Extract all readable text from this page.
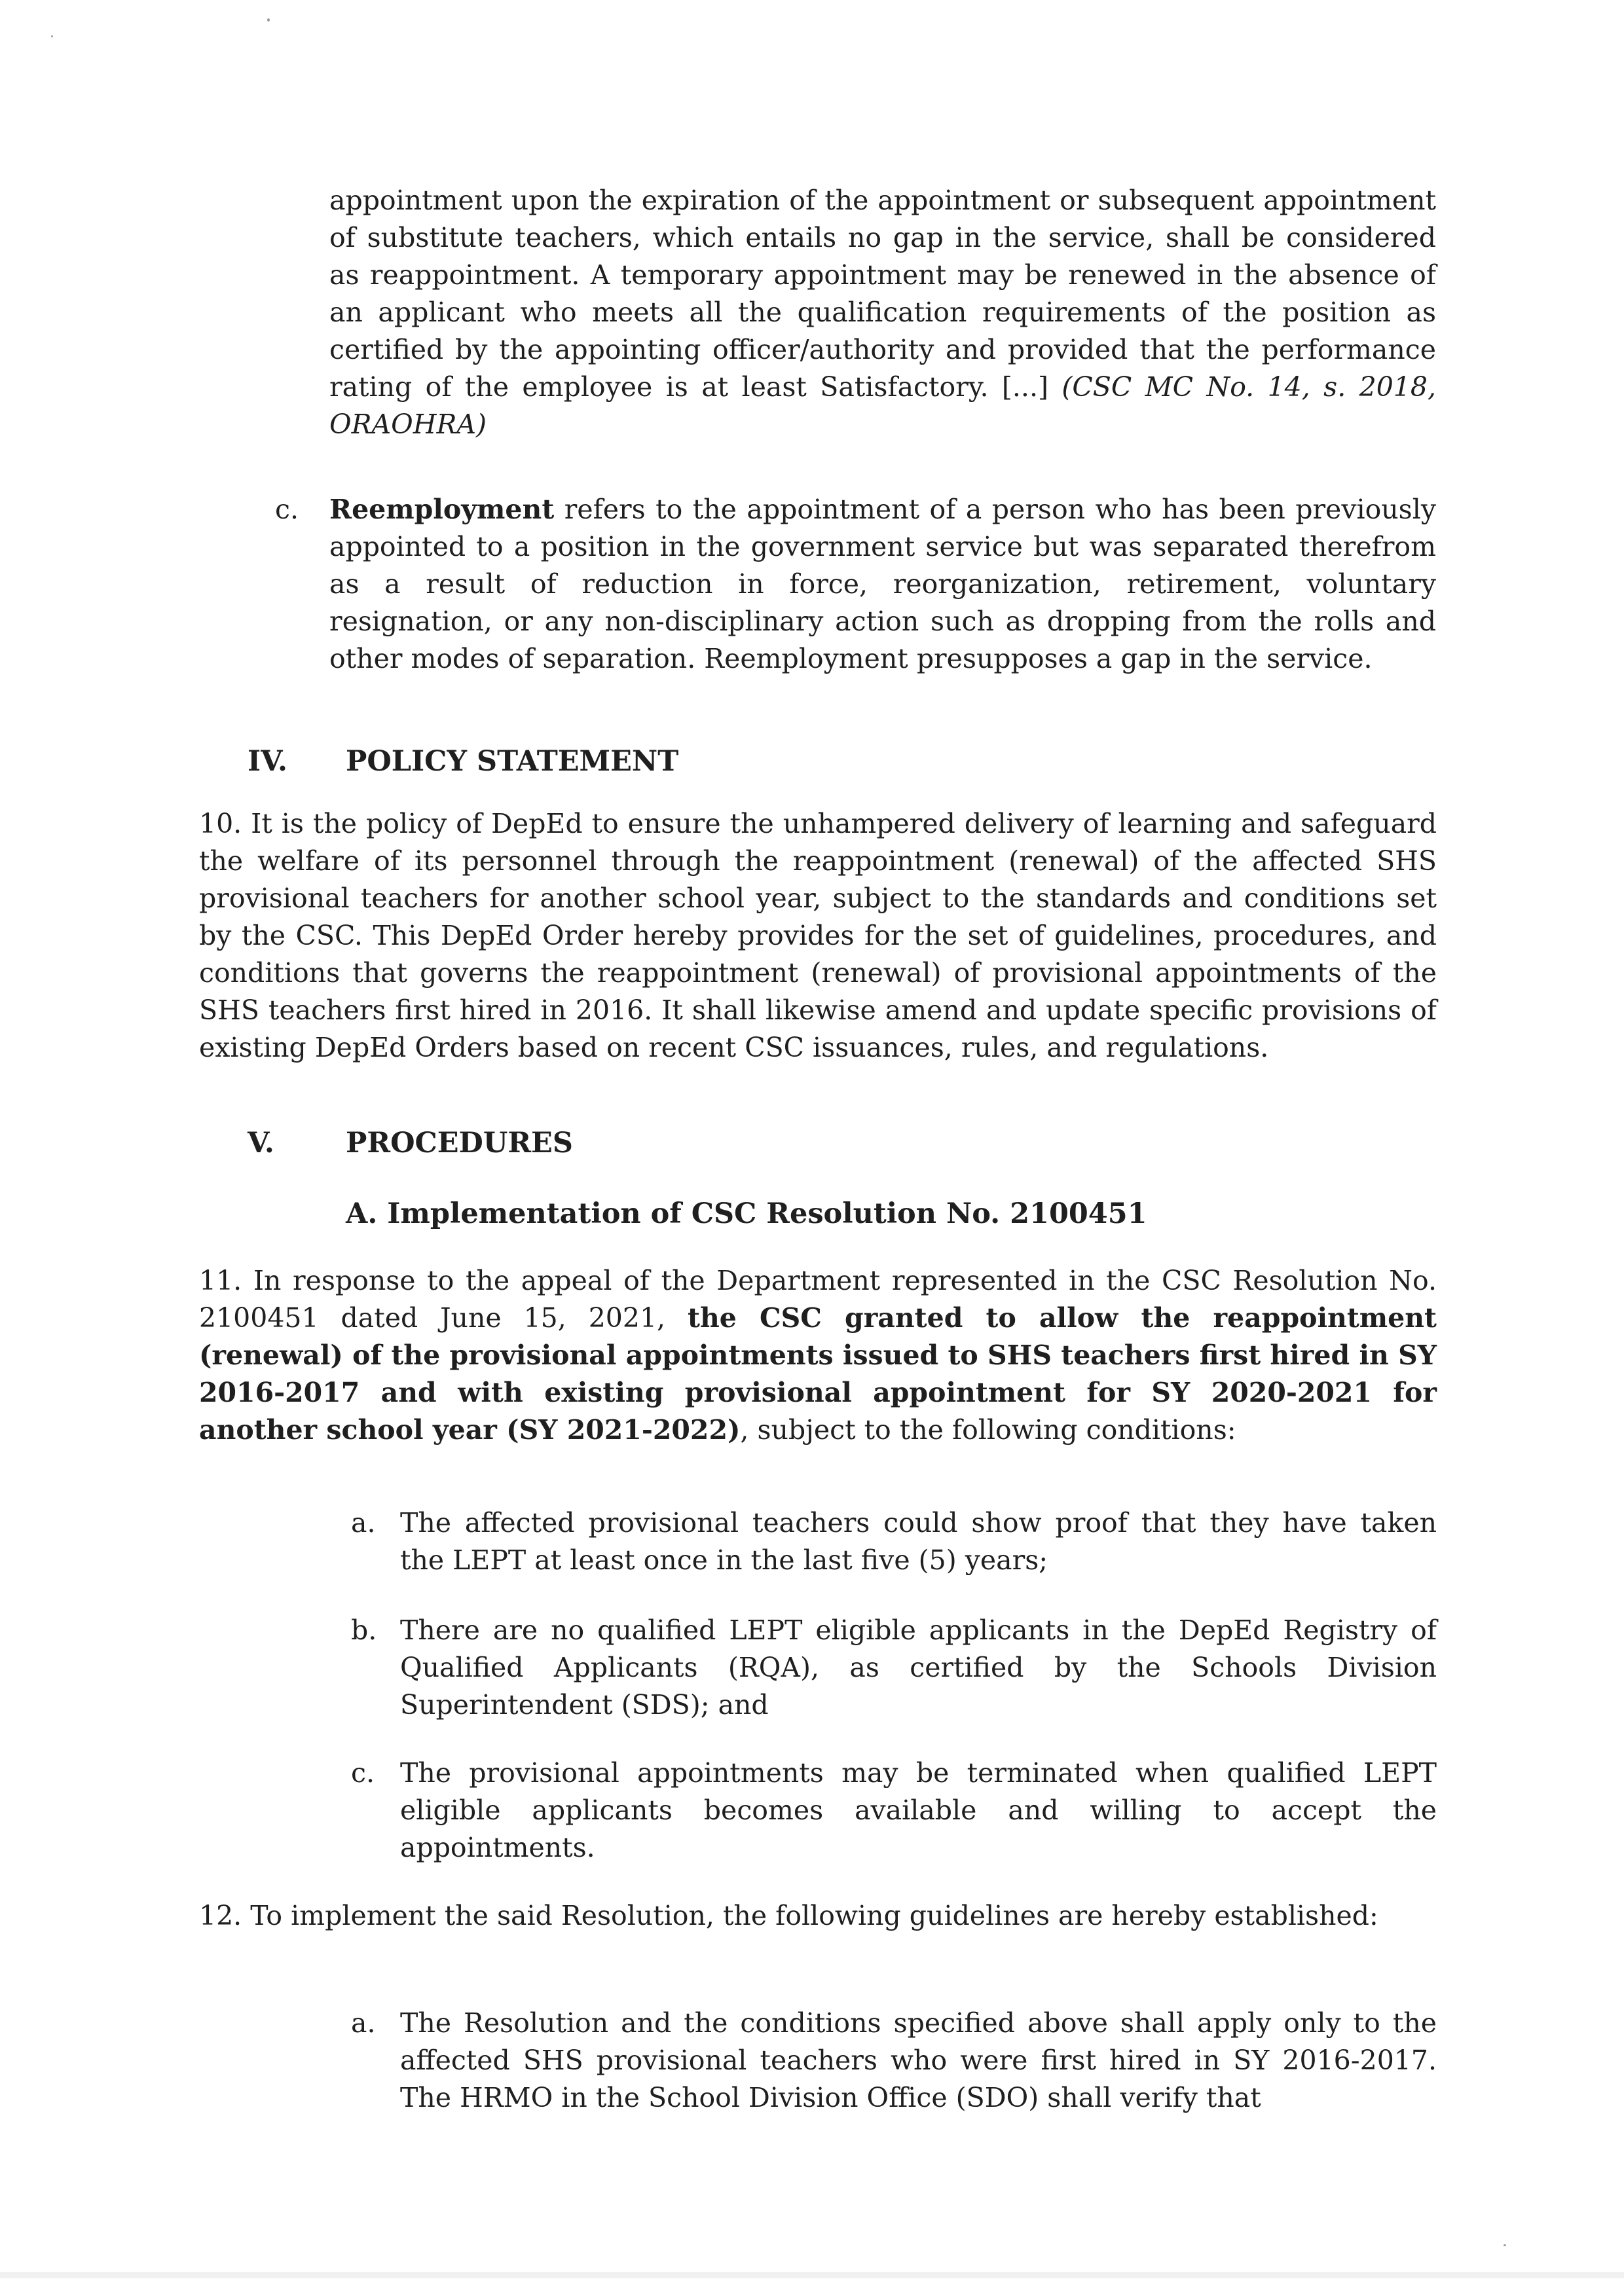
appointment upon the expiration of the appointment or subsequent appointment of substitute teachers, which entails no gap in the service, shall be considered as reappointment. A temporary appointment may be renewed in the absence of an applicant who meets all the qualification requirements of the position as certified by the appointing officer/authority and provided that the performance rating of the employee is at least Satisfactory. [...] (CSC MC No. 14, s. 2018, ORAOHRA)

c. Reemployment refers to the appointment of a person who has been previously appointed to a position in the government service but was separated therefrom as a result of reduction in force, reorganization, retirement, voluntary resignation, or any non-disciplinary action such as dropping from the rolls and other modes of separation. Reemployment presupposes a gap in the service.

IV. POLICY STATEMENT

10. It is the policy of DepEd to ensure the unhampered delivery of learning and safeguard the welfare of its personnel through the reappointment (renewal) of the affected SHS provisional teachers for another school year, subject to the standards and conditions set by the CSC. This DepEd Order hereby provides for the set of guidelines, procedures, and conditions that governs the reappointment (renewal) of provisional appointments of the SHS teachers first hired in 2016. It shall likewise amend and update specific provisions of existing DepEd Orders based on recent CSC issuances, rules, and regulations.

V.	PROCEDURES
A. Implementation of CSC Resolution No. 2100451

11. In response to the appeal of the Department represented in the CSC Resolution No. 2100451 dated June 15, 2021, the CSC granted to allow the reappointment (renewal) of the provisional appointments issued to SHS teachers first hired in SY 2016-2017 and with existing provisional appointment for SY 2020-2021 for another school year (SY 2021-2022), subject to the following conditions:

a. The affected provisional teachers could show proof that they have taken the LEPT at least once in the last five (5) years;

b. There are no qualified LEPT eligible applicants in the DepEd Registry of Qualified Applicants (RQA), as certified by the Schools Division Superintendent (SDS); and

c. The provisional appointments may be terminated when qualified LEPT eligible applicants becomes available and willing to accept the appointments.

12. To implement the said Resolution, the following guidelines are hereby established:

a. The Resolution and the conditions specified above shall apply only to the affected SHS provisional teachers who were first hired in SY 2016-2017. The HRMO in the School Division Office (SDO) shall verify that
